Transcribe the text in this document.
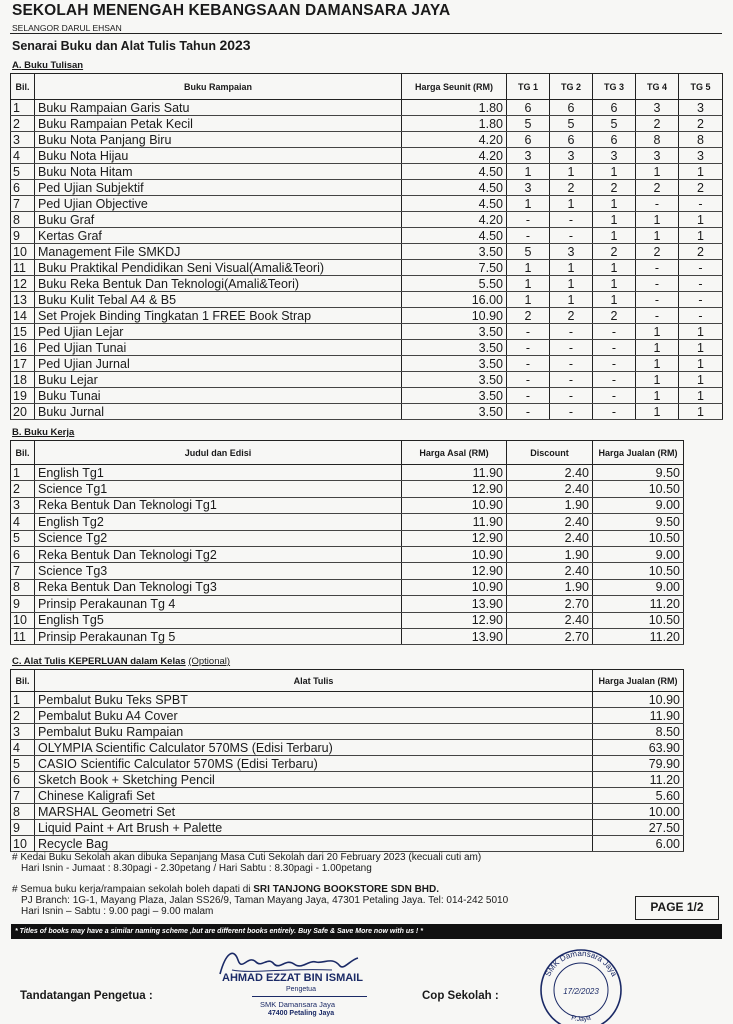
SEKOLAH MENENGAH KEBANGSAAN DAMANSARA JAYA
SELANGOR DARUL EHSAN
Senarai Buku dan Alat Tulis Tahun 2023
A. Buku Tulisan
Bil.	Buku Rampaian	Harga Seunit (RM)	TG 1	TG 2	TG 3	TG 4	TG 5
1	Buku Rampaian Garis Satu	1.80	6	6	6	3	3
2	Buku Rampaian Petak Kecil	1.80	5	5	5	2	2
3	Buku Nota Panjang Biru	4.20	6	6	6	8	8
4	Buku Nota Hijau	4.20	3	3	3	3	3
5	Buku Nota Hitam	4.50	1	1	1	1	1
6	Ped Ujian Subjektif	4.50	3	2	2	2	2
7	Ped Ujian Objective	4.50	1	1	1	-	-
8	Buku Graf	4.20	-	-	1	1	1
9	Kertas Graf	4.50	-	-	1	1	1
10	Management File SMKDJ	3.50	5	3	2	2	2
11	Buku Praktikal Pendidikan Seni Visual(Amali&Teori)	7.50	1	1	1	-	-
12	Buku Reka Bentuk Dan Teknologi(Amali&Teori)	5.50	1	1	1	-	-
13	Buku Kulit Tebal A4 & B5	16.00	1	1	1	-	-
14	Set Projek Binding Tingkatan 1 FREE Book Strap	10.90	2	2	2	-	-
15	Ped Ujian Lejar	3.50	-	-	-	1	1
16	Ped Ujian Tunai	3.50	-	-	-	1	1
17	Ped Ujian Jurnal	3.50	-	-	-	1	1
18	Buku Lejar	3.50	-	-	-	1	1
19	Buku Tunai	3.50	-	-	-	1	1
20	Buku Jurnal	3.50	-	-	-	1	1
B. Buku Kerja
Bil.	Judul dan Edisi	Harga Asal (RM)	Discount	Harga Jualan (RM)
1	English Tg1	11.90	2.40	9.50
2	Science Tg1	12.90	2.40	10.50
3	Reka Bentuk Dan Teknologi Tg1	10.90	1.90	9.00
4	English Tg2	11.90	2.40	9.50
5	Science Tg2	12.90	2.40	10.50
6	Reka Bentuk Dan Teknologi Tg2	10.90	1.90	9.00
7	Science Tg3	12.90	2.40	10.50
8	Reka Bentuk Dan Teknologi Tg3	10.90	1.90	9.00
9	Prinsip Perakaunan Tg 4	13.90	2.70	11.20
10	English Tg5	12.90	2.40	10.50
11	Prinsip Perakaunan Tg 5	13.90	2.70	11.20
C. Alat Tulis KEPERLUAN dalam Kelas (Optional)
Bil.	Alat Tulis	Harga Jualan (RM)
1	Pembalut Buku Teks SPBT	10.90
2	Pembalut Buku A4 Cover	11.90
3	Pembalut Buku Rampaian	8.50
4	OLYMPIA Scientific Calculator 570MS (Edisi Terbaru)	63.90
5	CASIO Scientific Calculator 570MS (Edisi Terbaru)	79.90
6	Sketch Book + Sketching Pencil	11.20
7	Chinese Kaligrafi Set	5.60
8	MARSHAL Geometri Set	10.00
9	Liquid Paint + Art Brush + Palette	27.50
10	Recycle Bag	6.00
# Kedai Buku Sekolah akan dibuka Sepanjang Masa Cuti Sekolah dari 20 February 2023 (kecuali cuti am)
Hari Isnin - Jumaat : 8.30pagi - 2.30petang / Hari Sabtu : 8.30pagi - 1.00petang
# Semua buku kerja/rampaian sekolah boleh dapati di SRI TANJONG BOOKSTORE SDN BHD.
PJ Branch: 1G-1, Mayang Plaza, Jalan SS26/9, Taman Mayang Jaya, 47301 Petaling Jaya. Tel: 014-242 5010
Hari Isnin – Sabtu : 9.00 pagi – 9.00 malam	PAGE 1/2
* Titles of books may have a similar naming scheme ,but are different books entirely. Buy Safe & Save More now with us ! *
Tandatangan Pengetua :
AHMAD EZZAT BIN ISMAIL
Pengetua
SMK Damansara Jaya
47400 Petaling Jaya
Cop Sekolah :
SMK Damansara Jaya
P.Jaya
17/2/2023
